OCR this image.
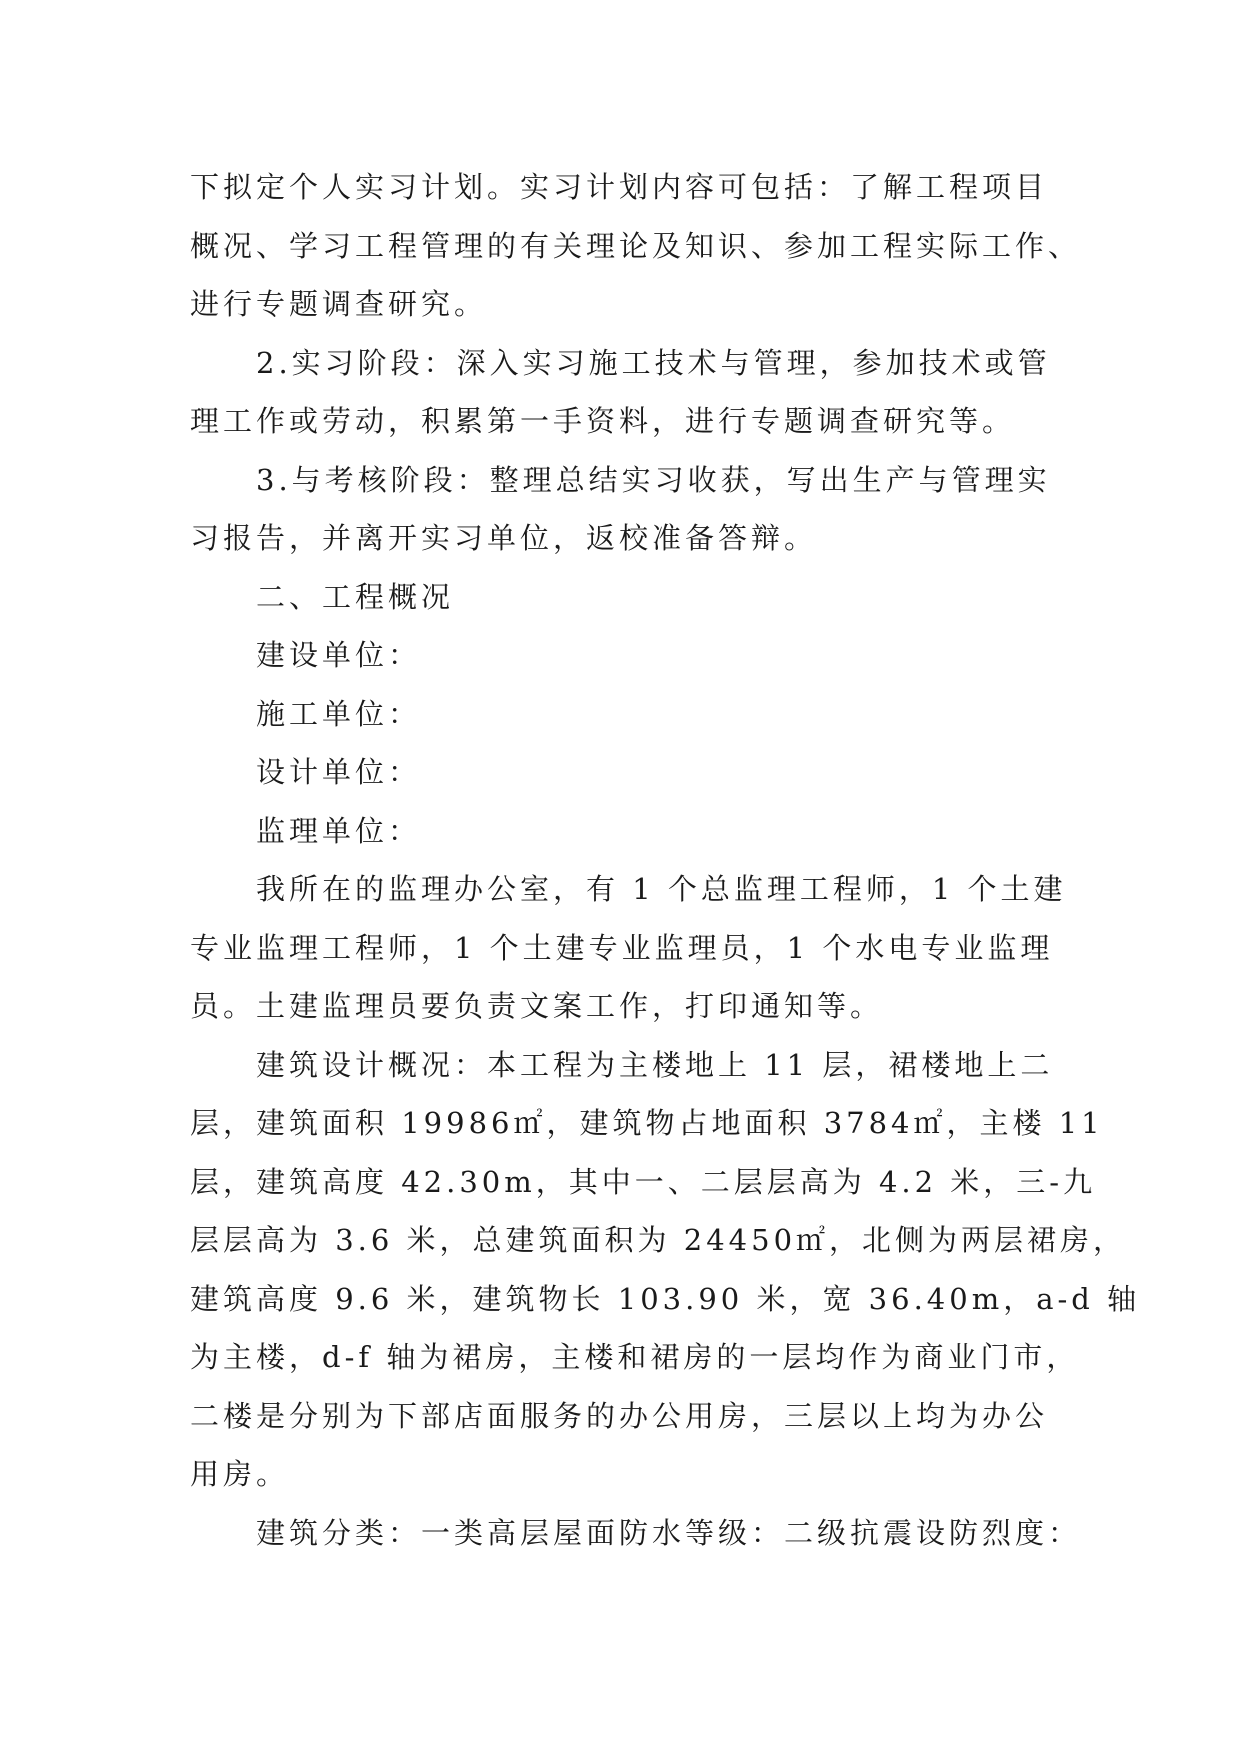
下拟定个人实习计划。实习计划内容可包括：了解工程项目
概况、学习工程管理的有关理论及知识、参加工程实际工作、
进行专题调查研究。
2.实习阶段：深入实习施工技术与管理，参加技术或管
理工作或劳动，积累第一手资料，进行专题调查研究等。
3.与考核阶段：整理总结实习收获，写出生产与管理实
习报告，并离开实习单位，返校准备答辩。
二、工程概况
建设单位：
施工单位：
设计单位：
监理单位：
我所在的监理办公室，有 1 个总监理工程师，1 个土建
专业监理工程师，1 个土建专业监理员，1 个水电专业监理
员。土建监理员要负责文案工作，打印通知等。
建筑设计概况：本工程为主楼地上 11 层，裙楼地上二
层，建筑面积 19986㎡，建筑物占地面积 3784㎡，主楼 11
层，建筑高度 42.30m，其中一、二层层高为 4.2 米，三-九
层层高为 3.6 米，总建筑面积为 24450㎡，北侧为两层裙房，
建筑高度 9.6 米，建筑物长 103.90 米，宽 36.40m，a-d 轴
为主楼，d-f 轴为裙房，主楼和裙房的一层均作为商业门市，
二楼是分别为下部店面服务的办公用房，三层以上均为办公
用房。
建筑分类：一类高层屋面防水等级：二级抗震设防烈度：
